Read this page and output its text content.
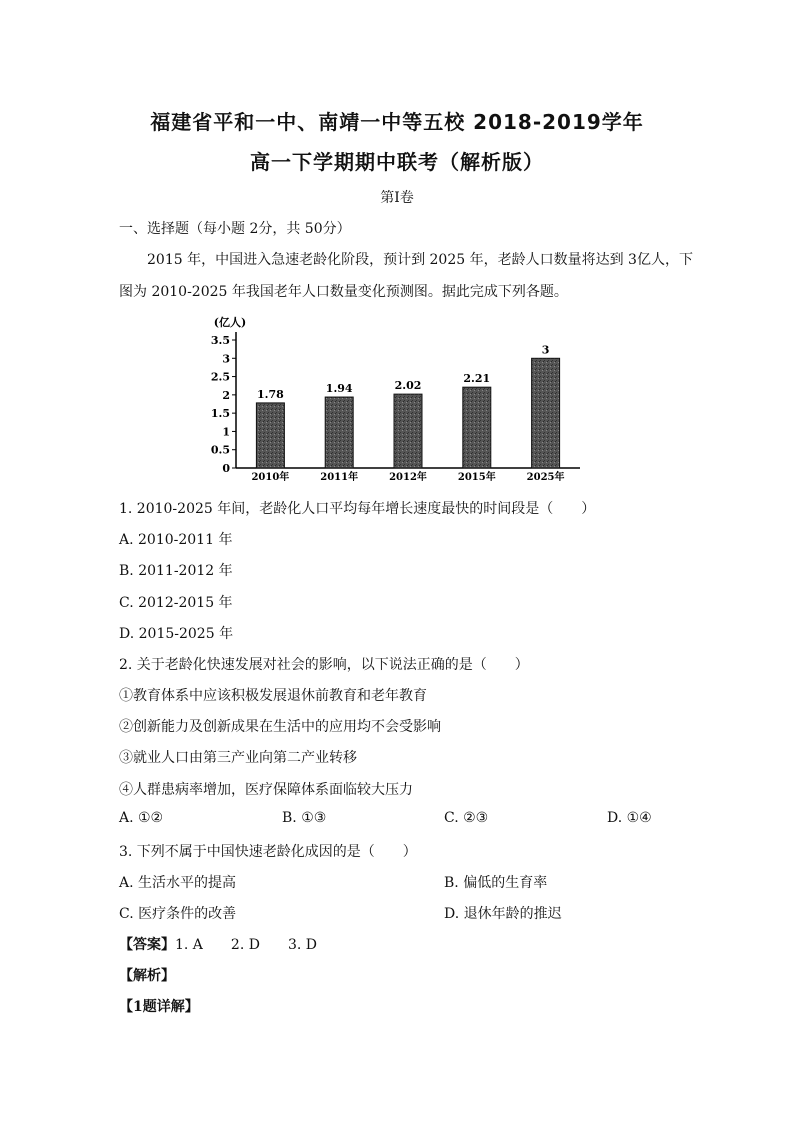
福建省平和一中、南靖一中等五校 2018-2019学年
高一下学期期中联考（解析版）
第Ⅰ卷
一、选择题（每小题 2分，共 50分）
2015 年，中国进入急速老龄化阶段，预计到 2025 年，老龄人口数量将达到 3亿人，下
图为 2010-2025 年我国老年人口数量变化预测图。据此完成下列各题。
(亿人)
0
0.5
1
1.5
2
2.5
3
3.5
1.78
2010年
1.94
2011年
2.02
2012年
2.21
2015年
3
2025年
1. 2010-2025 年间，老龄化人口平均每年增长速度最快的时间段是（　　）
A. 2010-2011 年
B. 2011-2012 年
C. 2012-2015 年
D. 2015-2025 年
2. 关于老龄化快速发展对社会的影响，以下说法正确的是（　　）
①教育体系中应该积极发展退休前教育和老年教育
②创新能力及创新成果在生活中的应用均不会受影响
③就业人口由第三产业向第二产业转移
④人群患病率增加，医疗保障体系面临较大压力
A. ①②	B. ①③	C. ②③	D. ①④
3. 下列不属于中国快速老龄化成因的是（　　）
A. 生活水平的提高	B. 偏低的生育率
C. 医疗条件的改善	D. 退休年龄的推迟
【答案】1. A　　2. D　　3. D
【解析】
【1题详解】
